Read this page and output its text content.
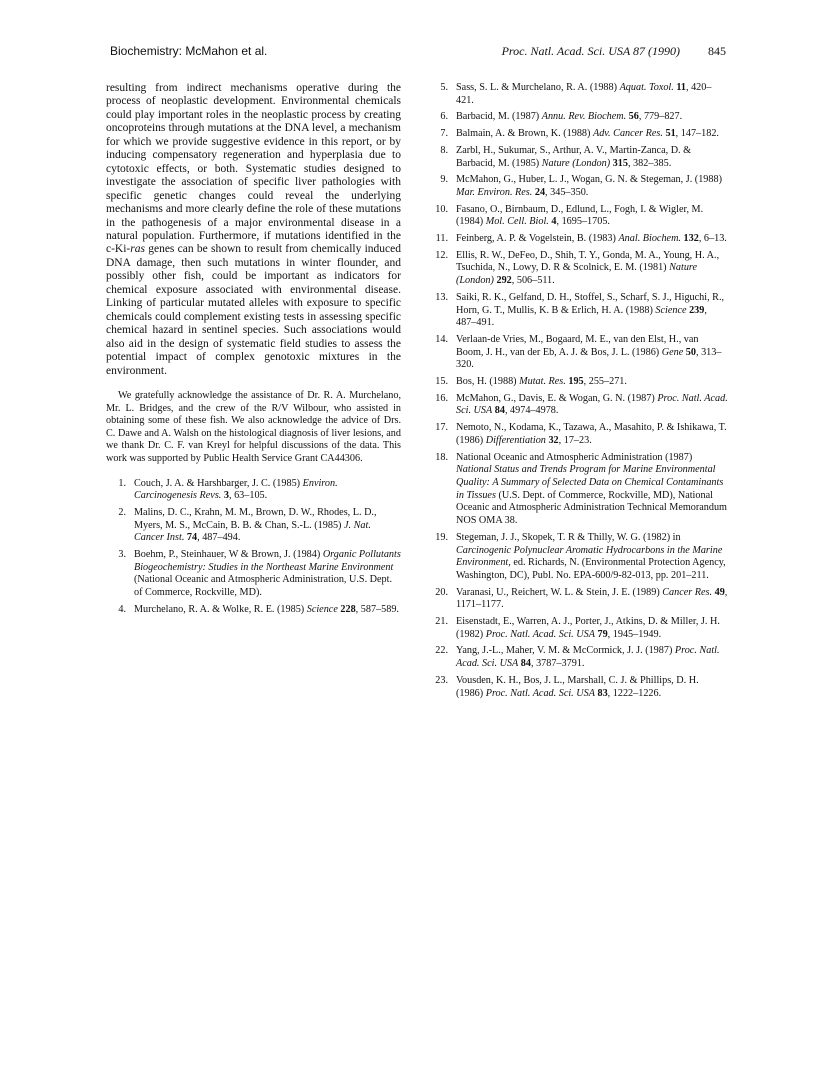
Biochemistry: McMahon et al.	Proc. Natl. Acad. Sci. USA 87 (1990) 845

resulting from indirect mechanisms operative during the process of neoplastic development. Environmental chemicals could play important roles in the neoplastic process by creating oncoproteins through mutations at the DNA level, a mechanism for which we provide suggestive evidence in this report, or by inducing compensatory regeneration and hyperplasia due to cytotoxic effects, or both. Systematic studies designed to investigate the association of specific liver pathologies with specific genetic changes could reveal the underlying mechanisms and more clearly define the role of these mutations in the pathogenesis of a major environmental disease in a natural population. Furthermore, if mutations identified in the c-Ki-ras genes can be shown to result from chemically induced DNA damage, then such mutations in winter flounder, and possibly other fish, could be important as indicators for chemical exposure associated with environmental disease. Linking of particular mutated alleles with exposure to specific chemicals could complement existing tests in assessing specific chemical hazard in sentinel species. Such associations would also aid in the design of systematic field studies to assess the potential impact of complex genotoxic mixtures in the environment.

We gratefully acknowledge the assistance of Dr. R. A. Murchelano, Mr. L. Bridges, and the crew of the R/V Wilbour, who assisted in obtaining some of these fish. We also acknowledge the advice of Drs. C. Dawe and A. Walsh on the histological diagnosis of liver lesions, and we thank Dr. C. F. van Kreyl for helpful discussions of the data. This work was supported by Public Health Service Grant CA44306.

1. Couch, J. A. & Harshbarger, J. C. (1985) Environ. Carcinogenesis Revs. 3, 63–105.
2. Malins, D. C., Krahn, M. M., Brown, D. W., Rhodes, L. D., Myers, M. S., McCain, B. B. & Chan, S.-L. (1985) J. Nat. Cancer Inst. 74, 487–494.
3. Boehm, P., Steinhauer, W & Brown, J. (1984) Organic Pollutants Biogeochemistry: Studies in the Northeast Marine Environment (National Oceanic and Atmospheric Administration, U.S. Dept. of Commerce, Rockville, MD).
4. Murchelano, R. A. & Wolke, R. E. (1985) Science 228, 587–589.
5. Sass, S. L. & Murchelano, R. A. (1988) Aquat. Toxol. 11, 420–421.
6. Barbacid, M. (1987) Annu. Rev. Biochem. 56, 779–827.
7. Balmain, A. & Brown, K. (1988) Adv. Cancer Res. 51, 147–182.
8. Zarbl, H., Sukumar, S., Arthur, A. V., Martin-Zanca, D. & Barbacid, M. (1985) Nature (London) 315, 382–385.
9. McMahon, G., Huber, L. J., Wogan, G. N. & Stegeman, J. (1988) Mar. Environ. Res. 24, 345–350.
10. Fasano, O., Birnbaum, D., Edlund, L., Fogh, I. & Wigler, M. (1984) Mol. Cell. Biol. 4, 1695–1705.
11. Feinberg, A. P. & Vogelstein, B. (1983) Anal. Biochem. 132, 6–13.
12. Ellis, R. W., DeFeo, D., Shih, T. Y., Gonda, M. A., Young, H. A., Tsuchida, N., Lowy, D. R & Scolnick, E. M. (1981) Nature (London) 292, 506–511.
13. Saiki, R. K., Gelfand, D. H., Stoffel, S., Scharf, S. J., Higuchi, R., Horn, G. T., Mullis, K. B & Erlich, H. A. (1988) Science 239, 487–491.
14. Verlaan-de Vries, M., Bogaard, M. E., van den Elst, H., van Boom, J. H., van der Eb, A. J. & Bos, J. L. (1986) Gene 50, 313–320.
15. Bos, H. (1988) Mutat. Res. 195, 255–271.
16. McMahon, G., Davis, E. & Wogan, G. N. (1987) Proc. Natl. Acad. Sci. USA 84, 4974–4978.
17. Nemoto, N., Kodama, K., Tazawa, A., Masahito, P. & Ishikawa, T. (1986) Differentiation 32, 17–23.
18. National Oceanic and Atmospheric Administration (1987) National Status and Trends Program for Marine Environmental Quality: A Summary of Selected Data on Chemical Contaminants in Tissues (U.S. Dept. of Commerce, Rockville, MD), National Oceanic and Atmospheric Administration Technical Memorandum NOS OMA 38.
19. Stegeman, J. J., Skopek, T. R & Thilly, W. G. (1982) in Carcinogenic Polynuclear Aromatic Hydrocarbons in the Marine Environment, ed. Richards, N. (Environmental Protection Agency, Washington, DC), Publ. No. EPA-600/9-82-013, pp. 201–211.
20. Varanasi, U., Reichert, W. L. & Stein, J. E. (1989) Cancer Res. 49, 1171–1177.
21. Eisenstadt, E., Warren, A. J., Porter, J., Atkins, D. & Miller, J. H. (1982) Proc. Natl. Acad. Sci. USA 79, 1945–1949.
22. Yang, J.-L., Maher, V. M. & McCormick, J. J. (1987) Proc. Natl. Acad. Sci. USA 84, 3787–3791.
23. Vousden, K. H., Bos, J. L., Marshall, C. J. & Phillips, D. H. (1986) Proc. Natl. Acad. Sci. USA 83, 1222–1226.
